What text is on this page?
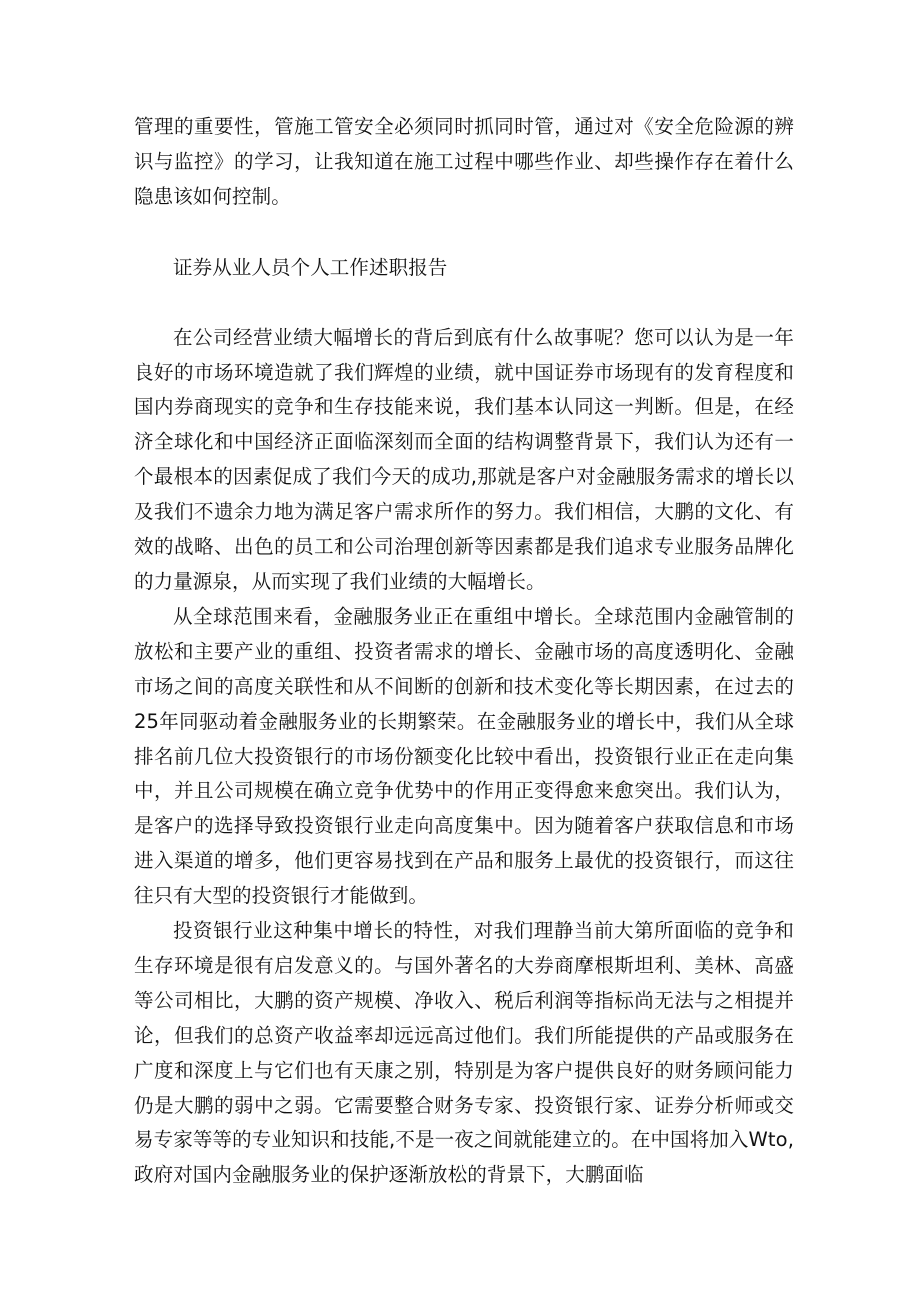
管理的重要性，管施工管安全必须同时抓同时管，通过对《安全危险源的辨识与监控》的学习，让我知道在施工过程中哪些作业、却些操作存在着什么隐患该如何控制。

证券从业人员个人工作述职报告

在公司经营业绩大幅增长的背后到底有什么故事呢？您可以认为是一年良好的市场环境造就了我们辉煌的业绩，就中国证券市场现有的发育程度和国内券商现实的竞争和生存技能来说，我们基本认同这一判断。但是，在经济全球化和中国经济正面临深刻而全面的结构调整背景下，我们认为还有一个最根本的因素促成了我们今天的成功,那就是客户对金融服务需求的增长以及我们不遗余力地为满足客户需求所作的努力。我们相信，大鹏的文化、有效的战略、出色的员工和公司治理创新等因素都是我们追求专业服务品牌化的力量源泉，从而实现了我们业绩的大幅增长。

从全球范围来看，金融服务业正在重组中增长。全球范围内金融管制的放松和主要产业的重组、投资者需求的增长、金融市场的高度透明化、金融市场之间的高度关联性和从不间断的创新和技术变化等长期因素，在过去的25年同驱动着金融服务业的长期繁荣。在金融服务业的增长中，我们从全球排名前几位大投资银行的市场份额变化比较中看出，投资银行业正在走向集中，并且公司规模在确立竞争优势中的作用正变得愈来愈突出。我们认为，是客户的选择导致投资银行业走向高度集中。因为随着客户获取信息和市场进入渠道的增多，他们更容易找到在产品和服务上最优的投资银行，而这往往只有大型的投资银行才能做到。

投资银行业这种集中增长的特性，对我们理静当前大第所面临的竞争和生存环境是很有启发意义的。与国外著名的大券商摩根斯坦利、美林、高盛等公司相比，大鹏的资产规模、净收入、税后利润等指标尚无法与之相提并论，但我们的总资产收益率却远远高过他们。我们所能提供的产品或服务在广度和深度上与它们也有天康之别，特别是为客户提供良好的财务顾问能力仍是大鹏的弱中之弱。它需要整合财务专家、投资银行家、证券分析师或交易专家等等的专业知识和技能,不是一夜之间就能建立的。在中国将加入Wto,政府对国内金融服务业的保护逐渐放松的背景下，大鹏面临
